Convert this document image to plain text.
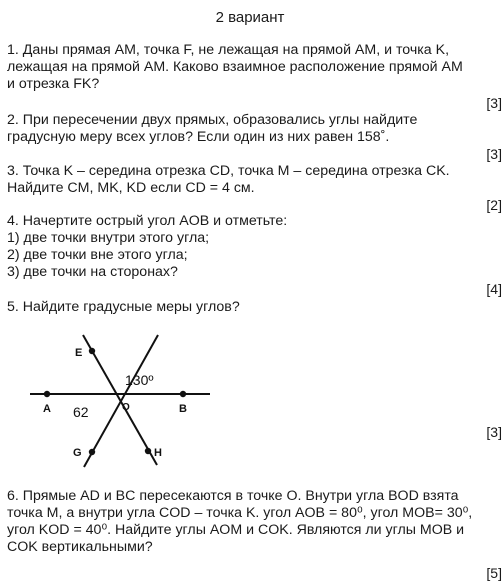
2 вариант
1. Даны прямая AM, точка F, не лежащая на прямой AM, и точка K,
лежащая на прямой AM. Каково взаимное расположение прямой AM
и отрезка FK?
[3]
2. При пересечении двух прямых, образовались углы найдите
градусную меру всех углов? Если один из них равен 158˚.
[3]
3. Точка K – середина отрезка CD, точка M – середина отрезка CK.
Найдите CM, MK, KD если CD = 4 см.
[2]
4. Начертите острый угол AOB и отметьте:
1) две точки внутри этого угла;
2) две точки вне этого угла;
3) две точки на сторонах?
[4]
5. Найдите градусные меры углов?
E
A	B
G	H
O
130º
62
[3]
6. Прямые AD и BC пересекаются в точке O. Внутри угла BOD взята
точка M, а внутри угла COD – точка K. угол AOB = 80⁰, угол MOB= 30⁰,
угол KOD = 40⁰. Найдите углы AOM и COK. Являются ли углы MOB и
COK вертикальными?
[5]
